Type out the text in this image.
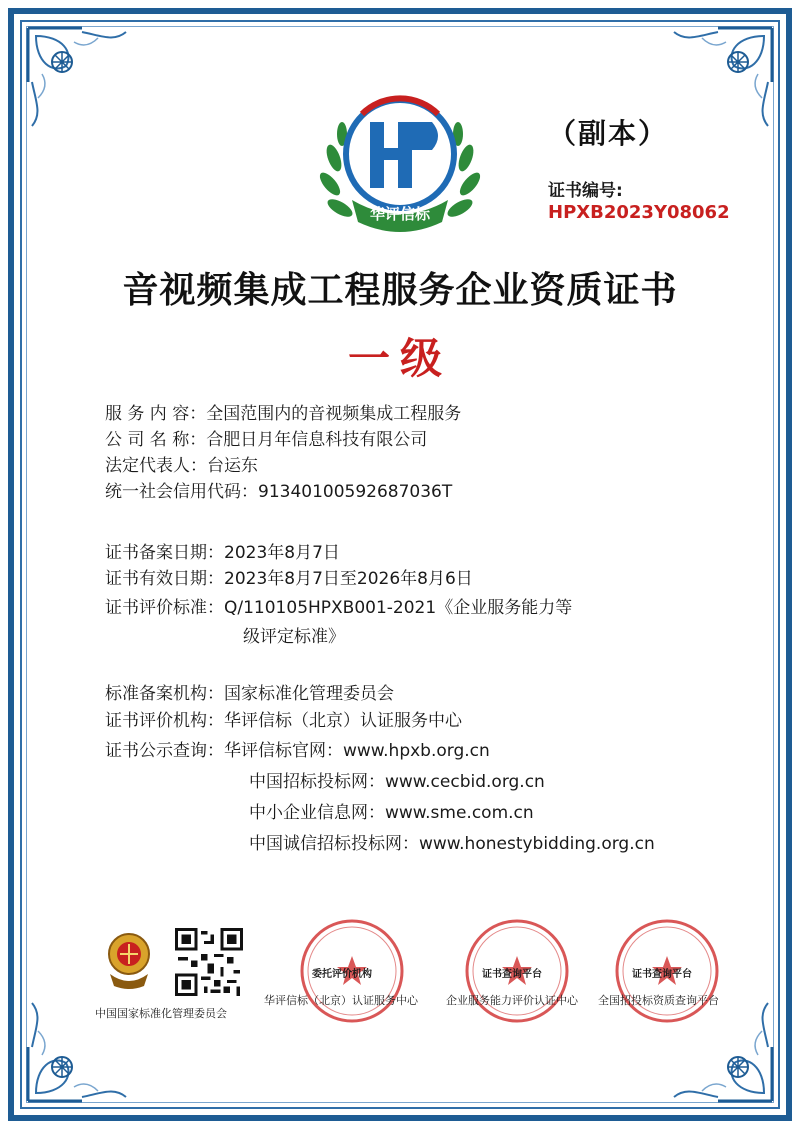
华评信标
（副本）
证书编号:
HPXB2023Y08062
音视频集成工程服务企业资质证书
一级
服 务 内 容：全国范围内的音视频集成工程服务
公 司 名 称：合肥日月年信息科技有限公司
法定代表人：台运东
统一社会信用代码：91340100592687036T
证书备案日期：2023年8月7日
证书有效日期：2023年8月7日至2026年8月6日
证书评价标准：Q/110105HPXB001-2021《企业服务能力等
级评定标准》
标准备案机构：国家标准化管理委员会
证书评价机构：华评信标（北京）认证服务中心
证书公示查询：华评信标官网：www.hpxb.org.cn
中国招标投标网：www.cecbid.org.cn
中小企业信息网：www.sme.com.cn
中国诚信招标投标网：www.honestybidding.org.cn
中国国家标准化管理委员会
委托评价机构
华评信标（北京）认证服务中心
证书查询平台
企业服务能力评价认证中心
证书查询平台
全国招投标资质查询平台
